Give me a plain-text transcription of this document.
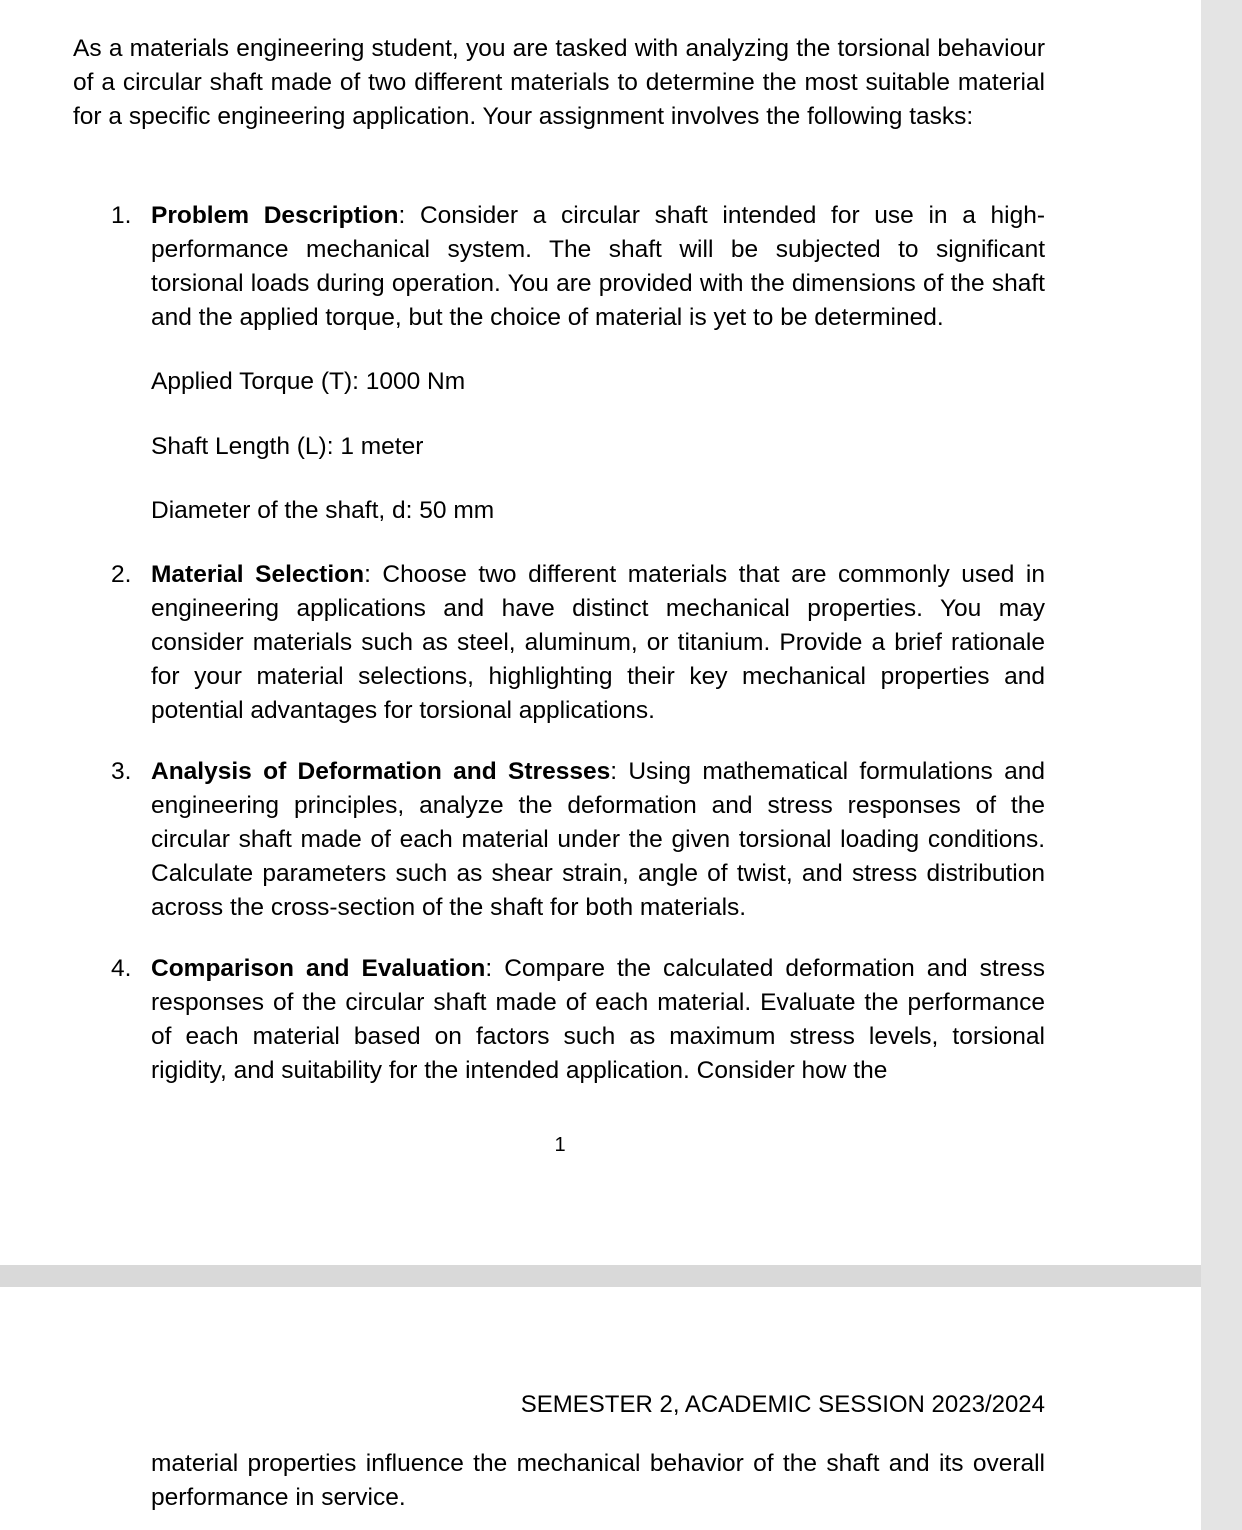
As a materials engineering student, you are tasked with analyzing the torsional behaviour of a circular shaft made of two different materials to determine the most suitable material for a specific engineering application. Your assignment involves the following tasks:

1. Problem Description: Consider a circular shaft intended for use in a high-performance mechanical system. The shaft will be subjected to significant torsional loads during operation. You are provided with the dimensions of the shaft and the applied torque, but the choice of material is yet to be determined.

Applied Torque (T): 1000 Nm

Shaft Length (L): 1 meter

Diameter of the shaft, d: 50 mm

2. Material Selection: Choose two different materials that are commonly used in engineering applications and have distinct mechanical properties. You may consider materials such as steel, aluminum, or titanium. Provide a brief rationale for your material selections, highlighting their key mechanical properties and potential advantages for torsional applications.
3. Analysis of Deformation and Stresses: Using mathematical formulations and engineering principles, analyze the deformation and stress responses of the circular shaft made of each material under the given torsional loading conditions. Calculate parameters such as shear strain, angle of twist, and stress distribution across the cross-section of the shaft for both materials.
4. Comparison and Evaluation: Compare the calculated deformation and stress responses of the circular shaft made of each material. Evaluate the performance of each material based on factors such as maximum stress levels, torsional rigidity, and suitability for the intended application. Consider how the
1
SEMESTER 2, ACADEMIC SESSION 2023/2024

material properties influence the mechanical behavior of the shaft and its overall performance in service.
